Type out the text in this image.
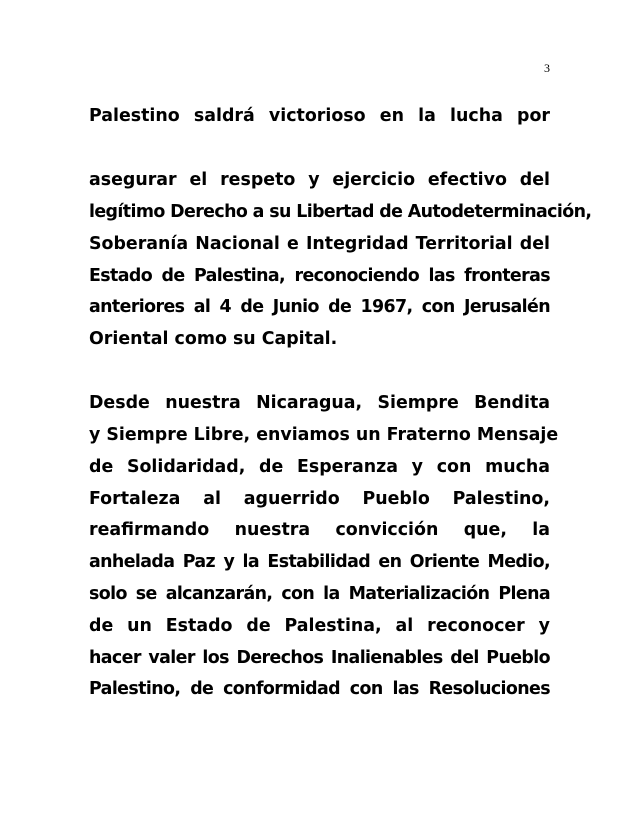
3
Palestino saldrá victorioso en la lucha por
asegurar el respeto y ejercicio efectivo del
legítimo Derecho a su Libertad de Autodeterminación,
Soberanía Nacional e Integridad Territorial del
Estado de Palestina, reconociendo las fronteras
anteriores al 4 de Junio de 1967, con Jerusalén
Oriental como su Capital.
Desde nuestra Nicaragua, Siempre Bendita
y Siempre Libre, enviamos un Fraterno Mensaje
de Solidaridad, de Esperanza y con mucha
Fortaleza al aguerrido Pueblo Palestino,
reafirmando nuestra convicción que, la
anhelada Paz y la Estabilidad en Oriente Medio,
solo se alcanzarán, con la Materialización Plena
de un Estado de Palestina, al reconocer y
hacer valer los Derechos Inalienables del Pueblo
Palestino, de conformidad con las Resoluciones
